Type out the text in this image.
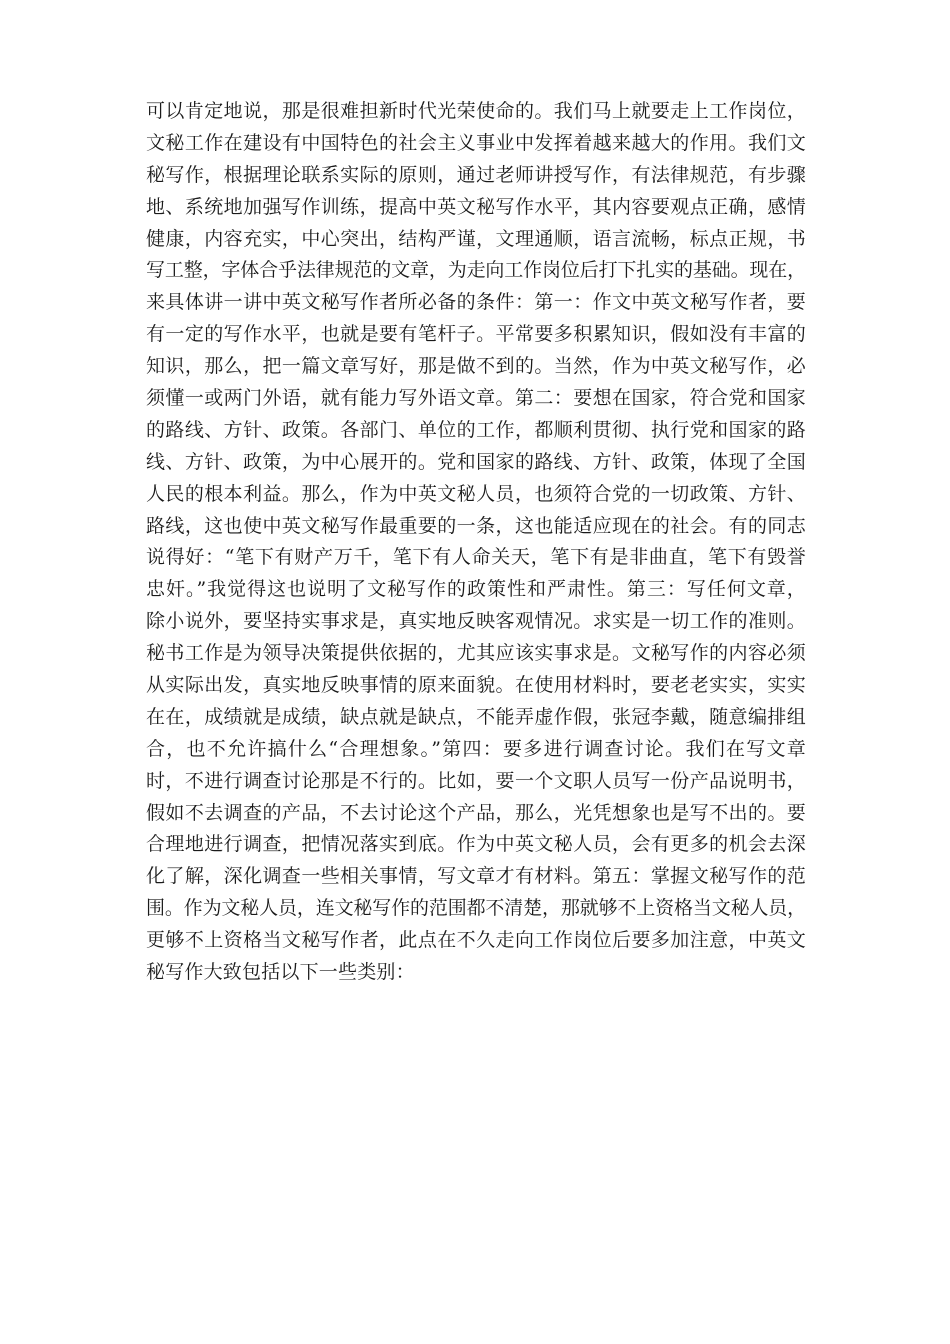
可以肯定地说，那是很难担新时代光荣使命的。我们马上就要走上工作岗位，
文秘工作在建设有中国特色的社会主义事业中发挥着越来越大的作用。我们文
秘写作，根据理论联系实际的原则，通过老师讲授写作，有法律规范，有步骤
地、系统地加强写作训练，提高中英文秘写作水平，其内容要观点正确，感情
健康，内容充实，中心突出，结构严谨，文理通顺，语言流畅，标点正规，书
写工整，字体合乎法律规范的文章，为走向工作岗位后打下扎实的基础。现在，
来具体讲一讲中英文秘写作者所必备的条件：第一：作文中英文秘写作者，要
有一定的写作水平，也就是要有笔杆子。平常要多积累知识，假如没有丰富的
知识，那么，把一篇文章写好，那是做不到的。当然，作为中英文秘写作，必
须懂一或两门外语，就有能力写外语文章。第二：要想在国家，符合党和国家
的路线、方针、政策。各部门、单位的工作，都顺利贯彻、执行党和国家的路
线、方针、政策，为中心展开的。党和国家的路线、方针、政策，体现了全国
人民的根本利益。那么，作为中英文秘人员，也须符合党的一切政策、方针、
路线，这也使中英文秘写作最重要的一条，这也能适应现在的社会。有的同志
说得好：“笔下有财产万千，笔下有人命关天，笔下有是非曲直，笔下有毁誉
忠奸。”我觉得这也说明了文秘写作的政策性和严肃性。第三：写任何文章，
除小说外，要坚持实事求是，真实地反映客观情况。求实是一切工作的准则。
秘书工作是为领导决策提供依据的，尤其应该实事求是。文秘写作的内容必须
从实际出发，真实地反映事情的原来面貌。在使用材料时，要老老实实，实实
在在，成绩就是成绩，缺点就是缺点，不能弄虚作假，张冠李戴，随意编排组
合，也不允许搞什么“合理想象。”第四：要多进行调查讨论。我们在写文章
时，不进行调查讨论那是不行的。比如，要一个文职人员写一份产品说明书，
假如不去调查的产品，不去讨论这个产品，那么，光凭想象也是写不出的。要
合理地进行调查，把情况落实到底。作为中英文秘人员，会有更多的机会去深
化了解，深化调查一些相关事情，写文章才有材料。第五：掌握文秘写作的范
围。作为文秘人员，连文秘写作的范围都不清楚，那就够不上资格当文秘人员，
更够不上资格当文秘写作者，此点在不久走向工作岗位后要多加注意，中英文
秘写作大致包括以下一些类别：
